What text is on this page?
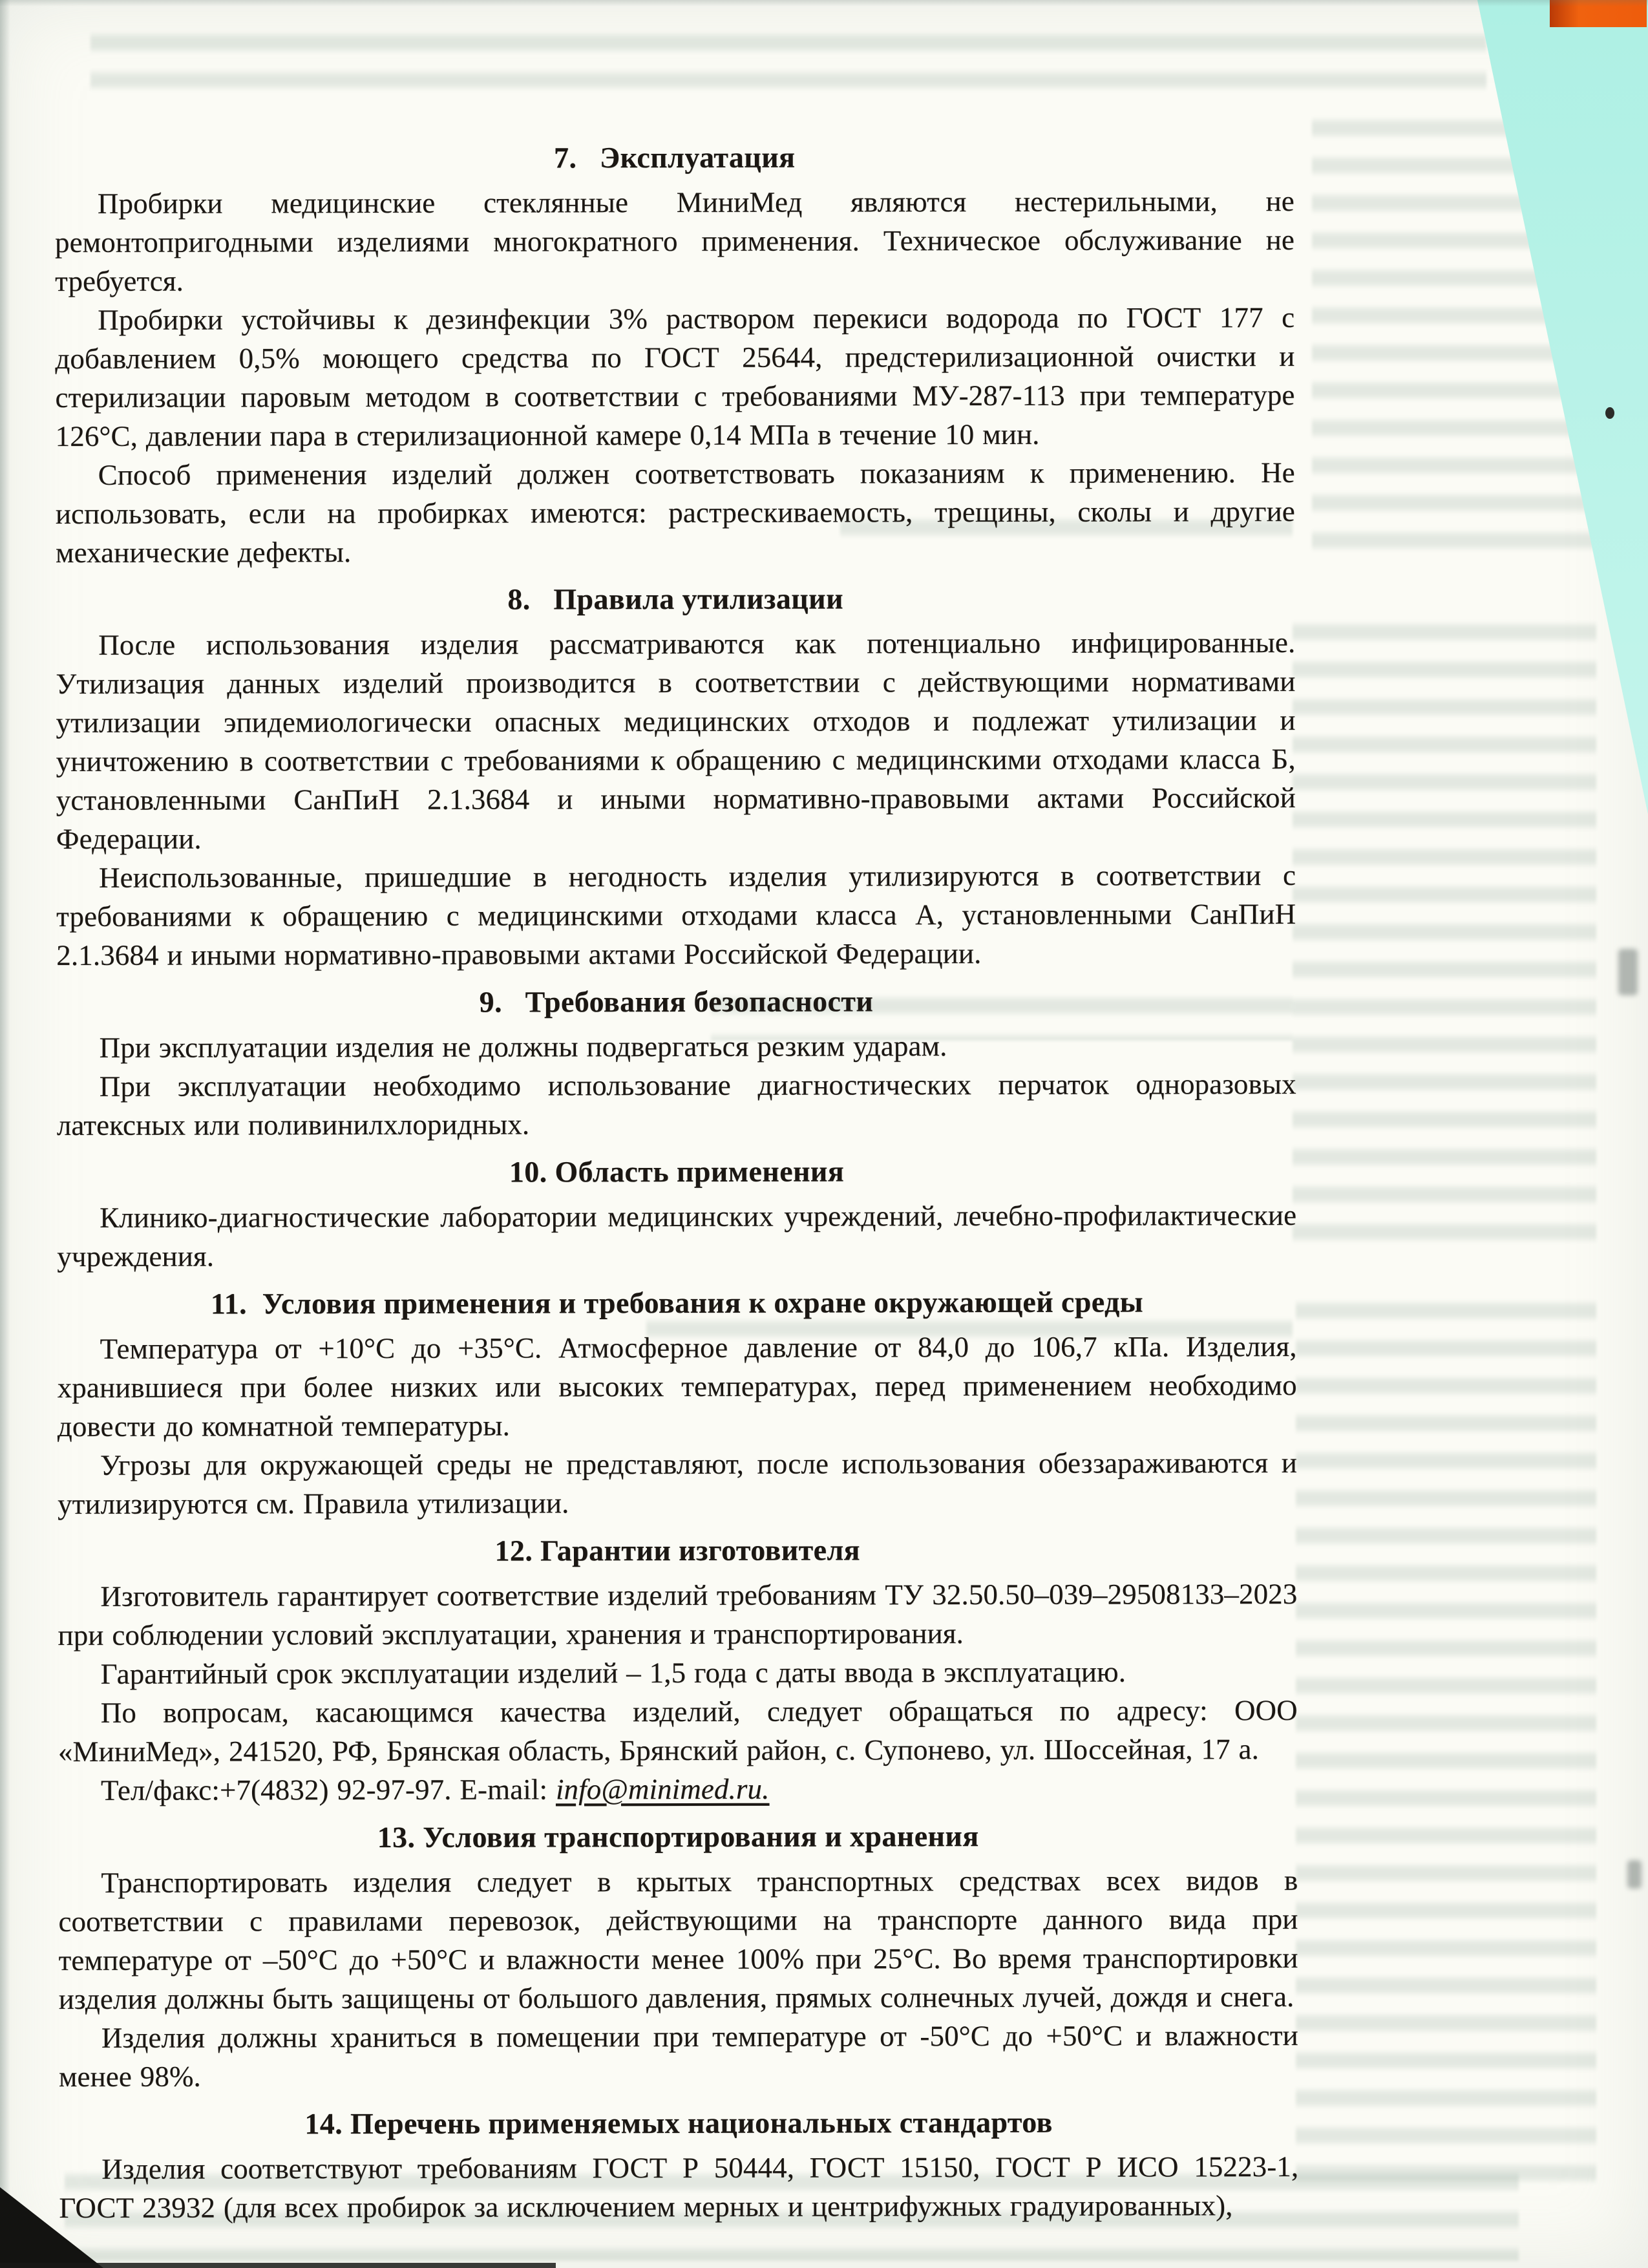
7.   Эксплуатация

Пробирки медицинские стеклянные МиниМед являются нестерильными, не ремонтопригодными изделиями многократного применения. Техническое обслуживание не требуется.

Пробирки устойчивы к дезинфекции 3% раствором перекиси водорода по ГОСТ 177 с добавлением 0,5% моющего средства по ГОСТ 25644, предстерилизационной очистки и стерилизации паровым методом в соответствии с требованиями МУ-287-113 при температуре 126°С, давлении пара в стерилизационной камере 0,14 МПа в течение 10 мин.

Способ применения изделий должен соответствовать показаниям к применению. Не использовать, если на пробирках имеются: растрескиваемость, трещины, сколы и другие механические дефекты.

8.   Правила утилизации

После использования изделия рассматриваются как потенциально инфицированные. Утилизация данных изделий производится в соответствии с действующими нормативами утилизации эпидемиологически опасных медицинских отходов и подлежат утилизации и уничтожению в соответствии с требованиями к обращению с медицинскими отходами класса Б, установленными СанПиН 2.1.3684 и иными нормативно-правовыми актами Российской Федерации.

Неиспользованные, пришедшие в негодность изделия утилизируются в соответствии с требованиями к обращению с медицинскими отходами класса А, установленными СанПиН 2.1.3684 и иными нормативно-правовыми актами Российской Федерации.

9.   Требования безопасности

При эксплуатации изделия не должны подвергаться резким ударам.

При эксплуатации необходимо использование диагностических перчаток одноразовых латексных или поливинилхлоридных.

10. Область применения

Клинико-диагностические лаборатории медицинских учреждений, лечебно-профилактические учреждения.

11.  Условия применения и требования к охране окружающей среды

Температура от +10°С до +35°С. Атмосферное давление от 84,0 до 106,7 кПа. Изделия, хранившиеся при более низких или высоких температурах, перед применением необходимо довести до комнатной температуры.

Угрозы для окружающей среды не представляют, после использования обеззараживаются и утилизируются см. Правила утилизации.

12. Гарантии изготовителя

Изготовитель гарантирует соответствие изделий требованиям ТУ 32.50.50–039–29508133–2023 при соблюдении условий эксплуатации, хранения и транспортирования.

Гарантийный срок эксплуатации изделий – 1,5 года с даты ввода в эксплуатацию.

По вопросам, касающимся качества изделий, следует обращаться по адресу: ООО «МиниМед», 241520, РФ, Брянская область, Брянский район, с. Супонево, ул. Шоссейная, 17 а.

Тел/факс:+7(4832) 92-97-97. E-mail: info@minimed.ru.

13. Условия транспортирования и хранения

Транспортировать изделия следует в крытых транспортных средствах всех видов в соответствии с правилами перевозок, действующими на транспорте данного вида при температуре от –50°С до +50°С и влажности менее 100% при 25°С. Во время транспортировки изделия должны быть защищены от большого давления, прямых солнечных лучей, дождя и снега.

Изделия должны храниться в помещении при температуре от -50°С до +50°С и влажности менее 98%.

14. Перечень применяемых национальных стандартов

Изделия соответствуют требованиям ГОСТ Р 50444, ГОСТ 15150, ГОСТ Р ИСО 15223-1, ГОСТ 23932 (для всех пробирок за исключением мерных и центрифужных градуированных),
